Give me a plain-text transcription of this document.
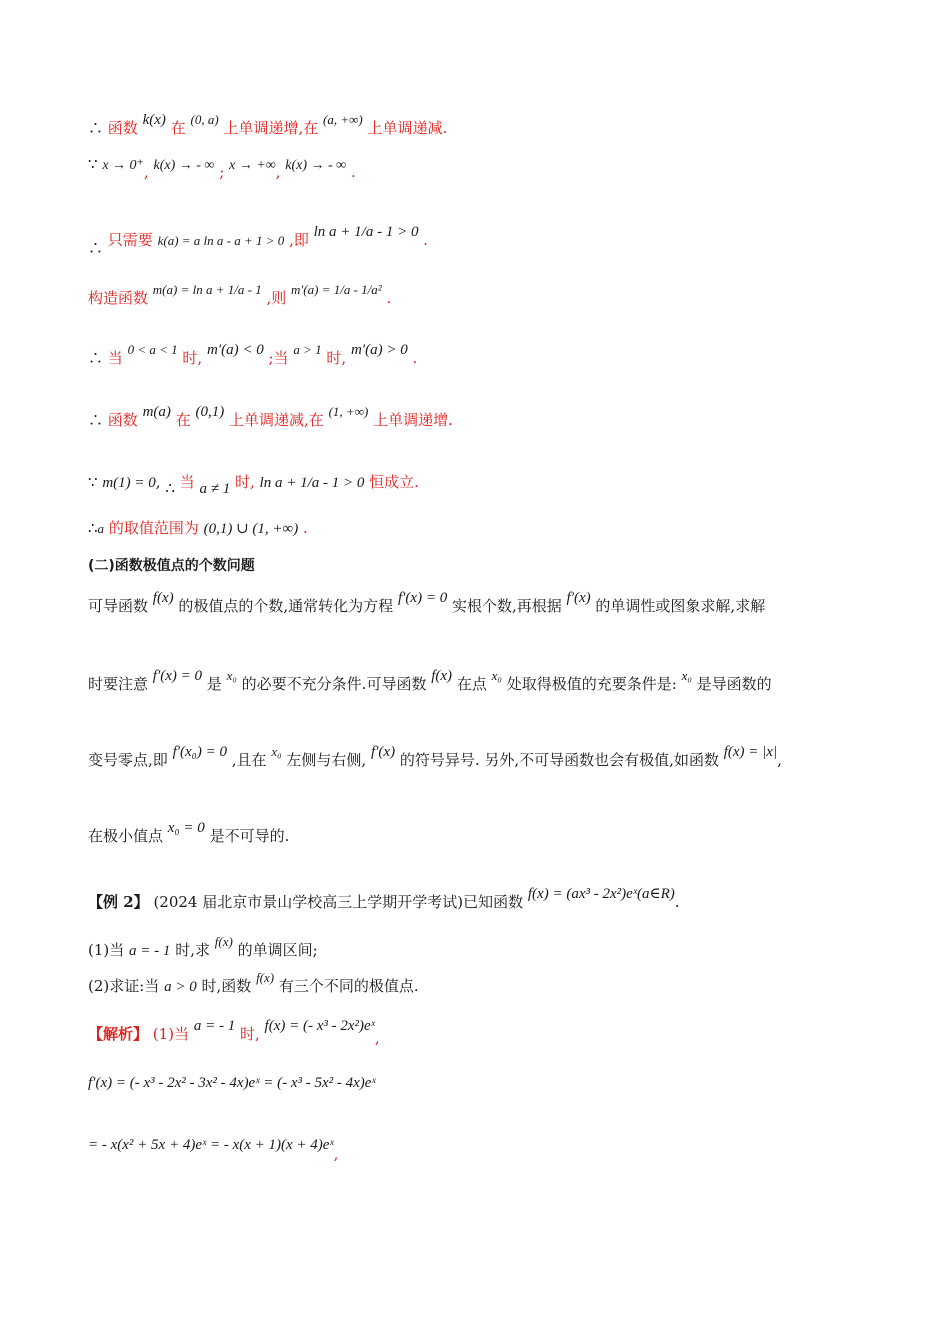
∴ 函数 k(x) 在 (0, a) 上单调递增,在 (a, +∞) 上单调递减.
∵ x → 0⁺, k(x) → - ∞ ; x → +∞, k(x) → - ∞ .
∴ 只需要 k(a) = a ln a - a + 1 > 0 ,即 ln a + 1/a - 1 > 0 .
构造函数 m(a) = ln a + 1/a - 1 ,则 m′(a) = 1/a - 1/a² .
∴ 当 0 < a < 1 时, m′(a) < 0 ;当 a > 1 时, m′(a) > 0 .
∴ 函数 m(a) 在 (0,1) 上单调递减,在 (1, +∞) 上单调递增.
∵ m(1) = 0, ∴ 当 a ≠ 1 时, ln a + 1/a - 1 > 0 恒成立.
∴a 的取值范围为 (0,1) ∪ (1, +∞) .
(二)函数极值点的个数问题
可导函数 f(x) 的极值点的个数,通常转化为方程 f′(x) = 0 实根个数,再根据 f′(x) 的单调性或图象求解,求解
时要注意 f′(x) = 0 是 x₀ 的必要不充分条件.可导函数 f(x) 在点 x₀ 处取得极值的充要条件是: x₀ 是导函数的
变号零点,即 f′(x₀) = 0 ,且在 x₀ 左侧与右侧, f′(x) 的符号异号. 另外,不可导函数也会有极值,如函数 f(x) = |x|,
在极小值点 x₀ = 0 是不可导的.
【例 2】 (2024 届北京市景山学校高三上学期开学考试)已知函数 f(x) = (ax³ - 2x²)eˣ(a∈R).
(1)当 a = - 1 时,求 f(x) 的单调区间;
(2)求证:当 a > 0 时,函数 f(x) 有三个不同的极值点.
【解析】 (1)当 a = - 1 时, f(x) = (- x³ - 2x²)eˣ,
f′(x) = (- x³ - 2x² - 3x² - 4x)eˣ = (- x³ - 5x² - 4x)eˣ
= - x(x² + 5x + 4)eˣ = - x(x + 1)(x + 4)eˣ,
